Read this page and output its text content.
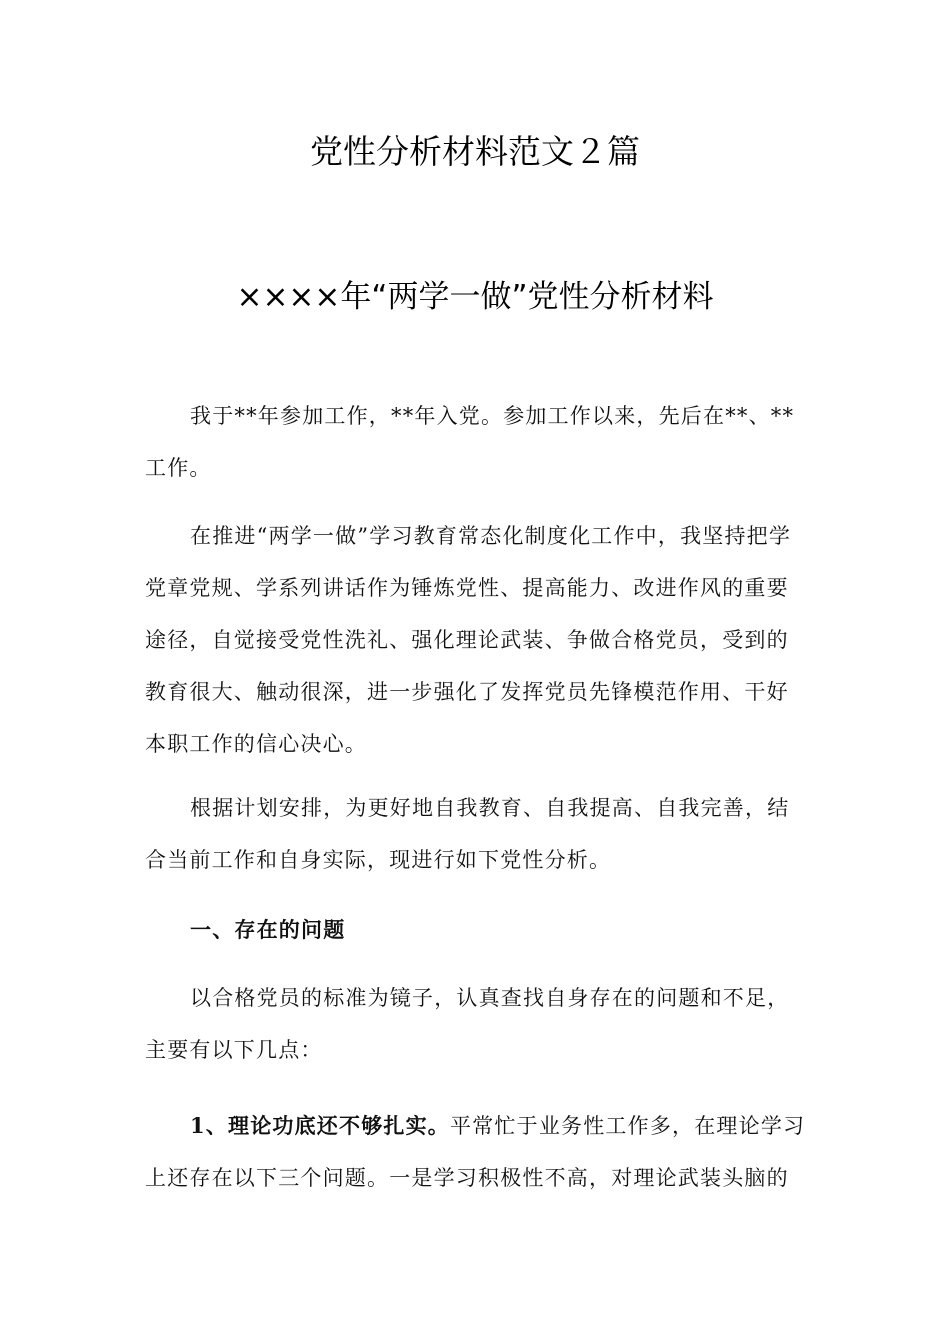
党性分析材料范文２篇
××××年“两学一做”党性分析材料

我于**年参加工作，**年入党。参加工作以来，先后在**、**工作。

在推进“两学一做”学习教育常态化制度化工作中，我坚持把学党章党规、学系列讲话作为锤炼党性、提高能力、改进作风的重要途径，自觉接受党性洗礼、强化理论武装、争做合格党员，受到的教育很大、触动很深，进一步强化了发挥党员先锋模范作用、干好本职工作的信心决心。

根据计划安排，为更好地自我教育、自我提高、自我完善，结合当前工作和自身实际，现进行如下党性分析。

一、存在的问题

以合格党员的标准为镜子，认真查找自身存在的问题和不足，主要有以下几点：

1、理论功底还不够扎实。平常忙于业务性工作多，在理论学习上还存在以下三个问题。一是学习积极性不高，对理论武装头脑的
